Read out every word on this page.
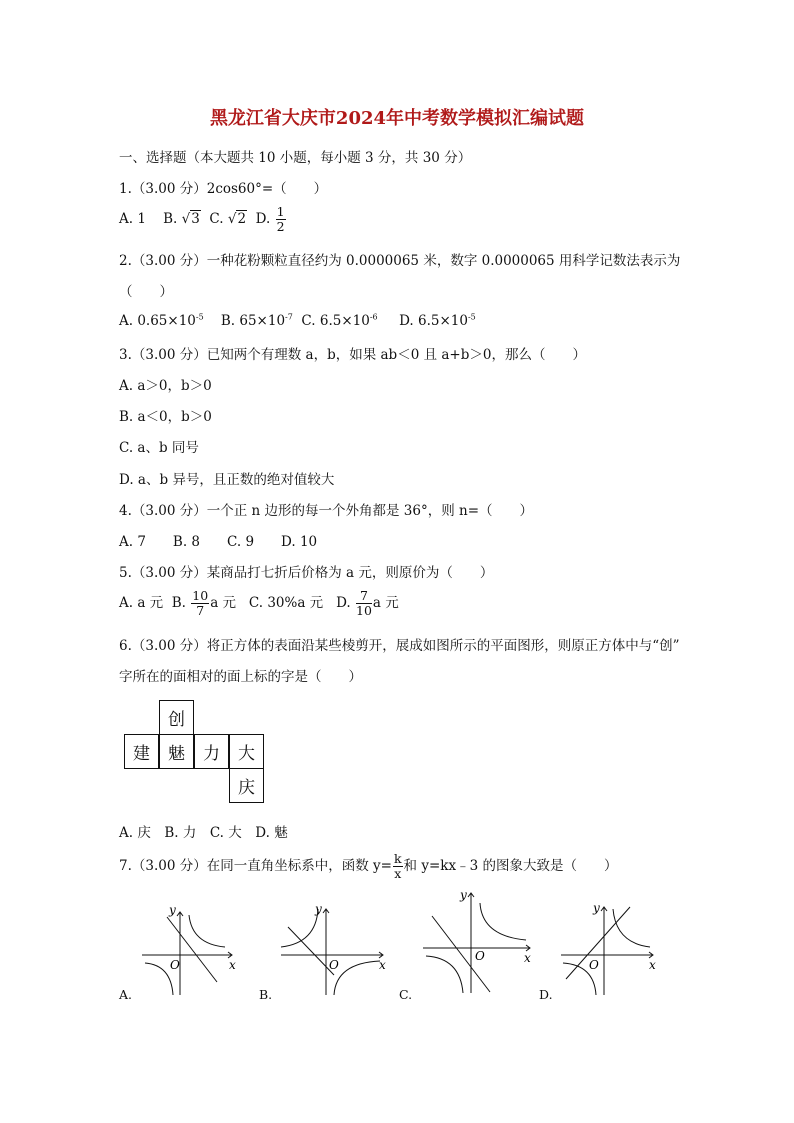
黑龙江省大庆市2024年中考数学模拟汇编试题
一、选择题（本大题共 10 小题，每小题 3 分，共 30 分）
1.（3.00 分）2cos60°=（　　）
A. 1 B. √3 C. √2 D. $\frac{1}{2}$
2.（3.00 分）一种花粉颗粒直径约为 0.0000065 米，数字 0.0000065 用科学记数法表示为
（　　）
A. $0.65\times 10^{-5}$ B. $65\times 10^{-7}$ C. $6.5\times 10^{-6}$ D. $6.5\times 10^{-5}$
3.（3.00 分）已知两个有理数 a，b，如果 ab＜0 且 a+b＞0，那么（　　）
A. a＞0，b＞0
B. a＜0，b＞0
C. a、b 同号
D. a、b 异号，且正数的绝对值较大
4.（3.00 分）一个正 n 边形的每一个外角都是 36°，则 n=（　　）
A. 7　　B. 8　　C. 9　　D. 10
5.（3.00 分）某商品打七折后价格为 a 元，则原价为（　　）
A. a 元 B. $\frac{10}{7}$ a 元 C. 30%a 元 D. $\frac{7}{10}$ a 元
6.（3.00 分）将正方体的表面沿某些棱剪开，展成如图所示的平面图形，则原正方体中与“创”
字所在的面相对的面上标的字是（　　）
创
建	魅	力	大
庆
A. 庆　B. 力　C. 大　D. 魅
7.（3.00 分）在同一直角坐标系中，函数 $y= \frac{k}{x}$ 和 y=kx﹣3 的图象大致是（　　）
y
x
O
y
x
O
y
x
O
y
x
O
A.	B.	C.	D.
